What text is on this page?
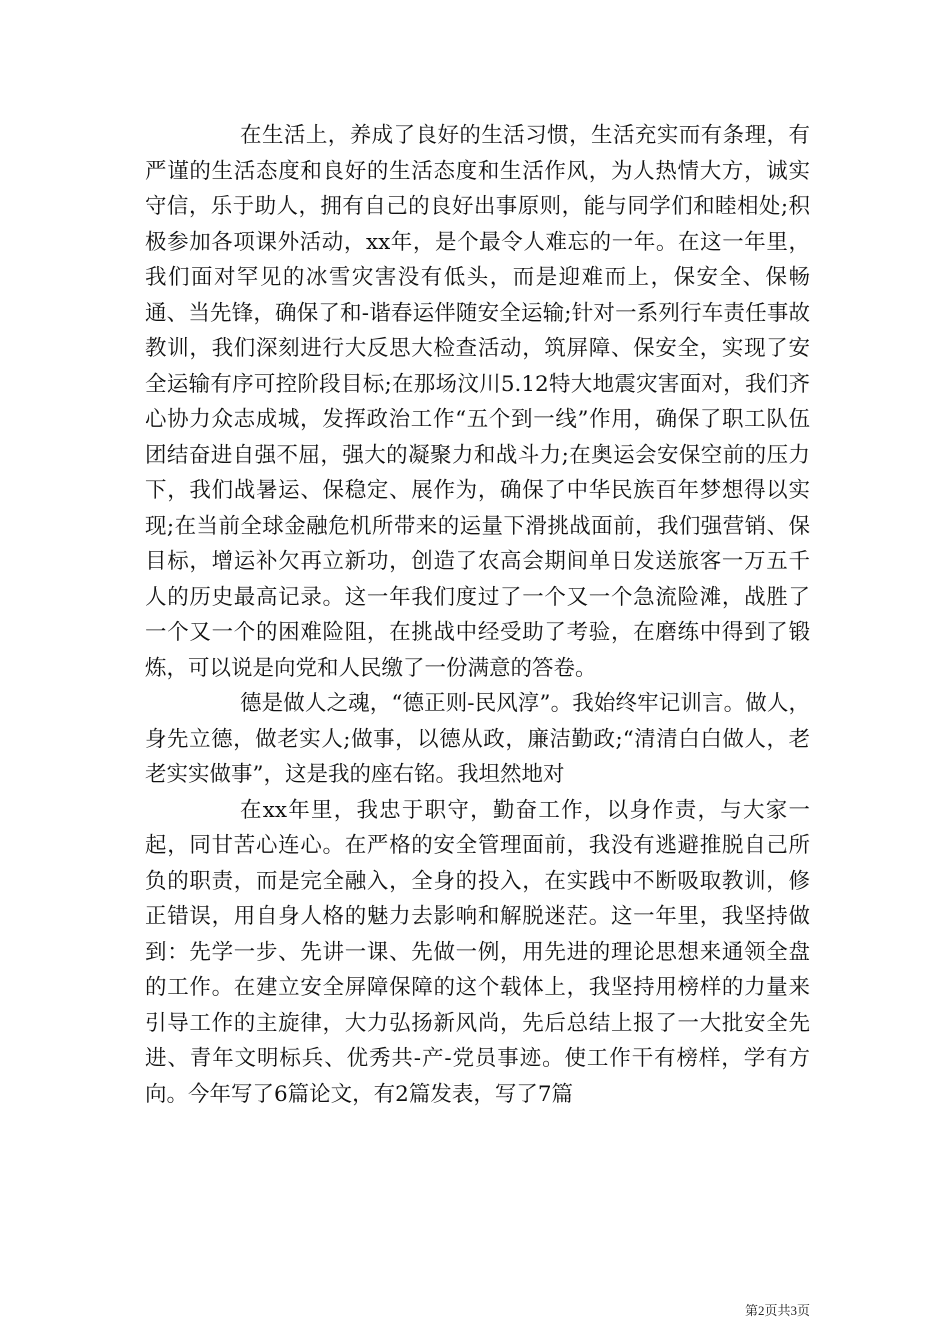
在生活上，养成了良好的生活习惯，生活充实而有条理，有严谨的生活态度和良好的生活态度和生活作风，为人热情大方，诚实守信，乐于助人，拥有自己的良好出事原则，能与同学们和睦相处;积极参加各项课外活动，xx年，是个最令人难忘的一年。在这一年里，我们面对罕见的冰雪灾害没有低头，而是迎难而上，保安全、保畅通、当先锋，确保了和-谐春运伴随安全运输;针对一系列行车责任事故教训，我们深刻进行大反思大检查活动，筑屏障、保安全，实现了安全运输有序可控阶段目标;在那场汶川5.12特大地震灾害面对，我们齐心协力众志成城，发挥政治工作“五个到一线”作用，确保了职工队伍团结奋进自强不屈，强大的凝聚力和战斗力;在奥运会安保空前的压力下，我们战暑运、保稳定、展作为，确保了中华民族百年梦想得以实现;在当前全球金融危机所带来的运量下滑挑战面前，我们强营销、保目标，增运补欠再立新功，创造了农高会期间单日发送旅客一万五千人的历史最高记录。这一年我们度过了一个又一个急流险滩，战胜了一个又一个的困难险阻，在挑战中经受助了考验，在磨练中得到了锻炼，可以说是向党和人民缴了一份满意的答卷。

德是做人之魂，“德正则-民风淳”。我始终牢记训言。做人，身先立德，做老实人;做事，以德从政，廉洁勤政;“清清白白做人，老老实实做事”，这是我的座右铭。我坦然地对

在xx年里，我忠于职守，勤奋工作，以身作责，与大家一起，同甘苦心连心。在严格的安全管理面前，我没有逃避推脱自己所负的职责，而是完全融入，全身的投入，在实践中不断吸取教训，修正错误，用自身人格的魅力去影响和解脱迷茫。这一年里，我坚持做到：先学一步、先讲一课、先做一例，用先进的理论思想来通领全盘的工作。在建立安全屏障保障的这个载体上，我坚持用榜样的力量来引导工作的主旋律，大力弘扬新风尚，先后总结上报了一大批安全先进、青年文明标兵、优秀共-产-党员事迹。使工作干有榜样，学有方向。今年写了6篇论文，有2篇发表，写了7篇

第2页共3页
